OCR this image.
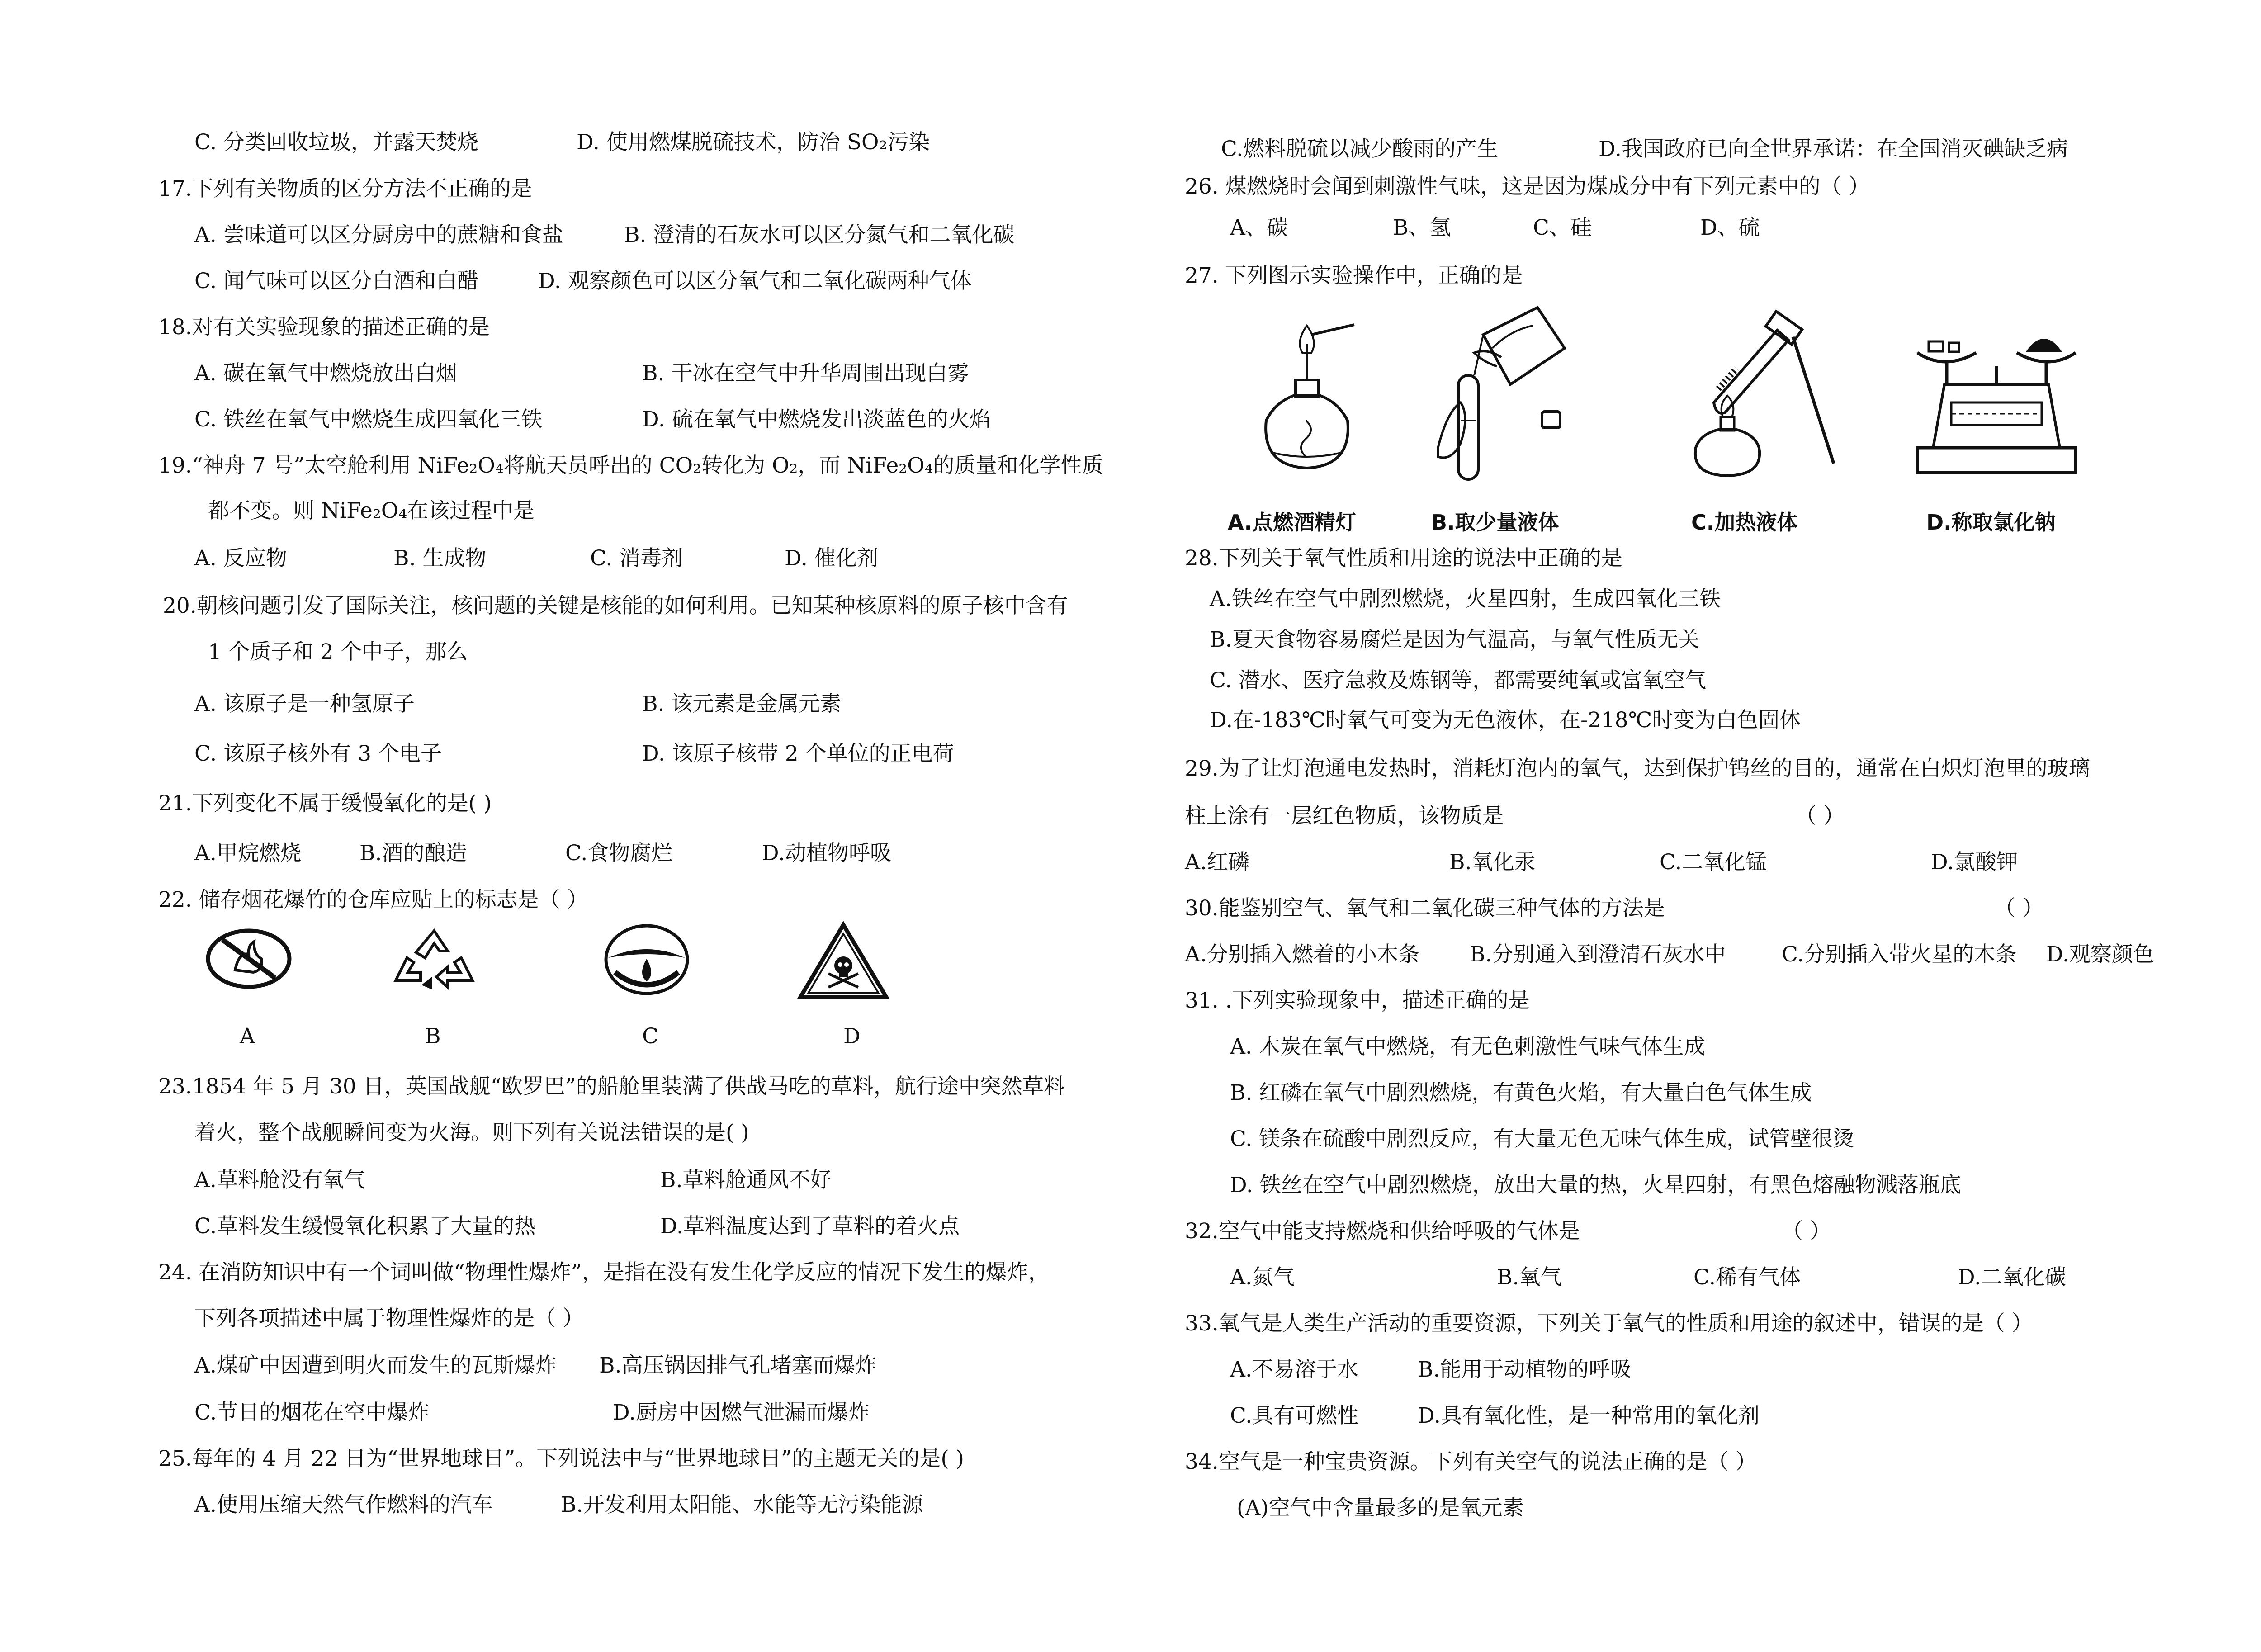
C. 分类回收垃圾，并露天焚烧	D. 使用燃煤脱硫技术，防治 SO₂污染
17.下列有关物质的区分方法不正确的是
A. 尝味道可以区分厨房中的蔗糖和食盐	B. 澄清的石灰水可以区分氮气和二氧化碳
C. 闻气味可以区分白酒和白醋	D. 观察颜色可以区分氧气和二氧化碳两种气体
18.对有关实验现象的描述正确的是
A. 碳在氧气中燃烧放出白烟	B. 干冰在空气中升华周围出现白雾
C. 铁丝在氧气中燃烧生成四氧化三铁	D. 硫在氧气中燃烧发出淡蓝色的火焰
19.“神舟 7 号”太空舱利用 NiFe₂O₄将航天员呼出的 CO₂转化为 O₂，而 NiFe₂O₄的质量和化学性质
都不变。则 NiFe₂O₄在该过程中是
A. 反应物	B. 生成物	C. 消毒剂	D. 催化剂
20.朝核问题引发了国际关注，核问题的关键是核能的如何利用。已知某种核原料的原子核中含有
1 个质子和 2 个中子，那么
A. 该原子是一种氢原子	B. 该元素是金属元素
C. 该原子核外有 3 个电子	D. 该原子核带 2 个单位的正电荷
21.下列变化不属于缓慢氧化的是( )
A.甲烷燃烧	B.酒的酿造	C.食物腐烂	D.动植物呼吸
22. 储存烟花爆竹的仓库应贴上的标志是（ ）
A	B	C	D
23.1854 年 5 月 30 日，英国战舰“欧罗巴”的船舱里装满了供战马吃的草料，航行途中突然草料
着火，整个战舰瞬间变为火海。则下列有关说法错误的是( )
A.草料舱没有氧气	B.草料舱通风不好
C.草料发生缓慢氧化积累了大量的热	D.草料温度达到了草料的着火点
24. 在消防知识中有一个词叫做“物理性爆炸”，是指在没有发生化学反应的情况下发生的爆炸，
下列各项描述中属于物理性爆炸的是（ ）
A.煤矿中因遭到明火而发生的瓦斯爆炸 B.高压锅因排气孔堵塞而爆炸
C.节日的烟花在空中爆炸	D.厨房中因燃气泄漏而爆炸
25.每年的 4 月 22 日为“世界地球日”。下列说法中与“世界地球日”的主题无关的是( )
A.使用压缩天然气作燃料的汽车	B.开发利用太阳能、水能等无污染能源
C.燃料脱硫以减少酸雨的产生	D.我国政府已向全世界承诺：在全国消灭碘缺乏病
26. 煤燃烧时会闻到刺激性气味，这是因为煤成分中有下列元素中的（ ）
A、碳	B、氢	C、硅	D、硫
27. 下列图示实验操作中，正确的是
A.点燃酒精灯	B.取少量液体	C.加热液体	D.称取氯化钠
28.下列关于氧气性质和用途的说法中正确的是
A.铁丝在空气中剧烈燃烧，火星四射，生成四氧化三铁
B.夏天食物容易腐烂是因为气温高，与氧气性质无关
C. 潜水、医疗急救及炼钢等，都需要纯氧或富氧空气
D.在-183℃时氧气可变为无色液体，在-218℃时变为白色固体
29.为了让灯泡通电发热时，消耗灯泡内的氧气，达到保护钨丝的目的，通常在白炽灯泡里的玻璃
柱上涂有一层红色物质，该物质是	（ ）
A.红磷	B.氧化汞	C.二氧化锰	D.氯酸钾
30.能鉴别空气、氧气和二氧化碳三种气体的方法是	（ ）
A.分别插入燃着的小木条 B.分别通入到澄清石灰水中	C.分别插入带火星的木条 D.观察颜色
31. .下列实验现象中，描述正确的是
A. 木炭在氧气中燃烧，有无色刺激性气味气体生成
B. 红磷在氧气中剧烈燃烧，有黄色火焰，有大量白色气体生成
C. 镁条在硫酸中剧烈反应，有大量无色无味气体生成，试管壁很烫
D. 铁丝在空气中剧烈燃烧，放出大量的热，火星四射，有黑色熔融物溅落瓶底
32.空气中能支持燃烧和供给呼吸的气体是	（ ）
A.氮气	B.氧气	C.稀有气体	D.二氧化碳
33.氧气是人类生产活动的重要资源，下列关于氧气的性质和用途的叙述中，错误的是（ ）
A.不易溶于水	B.能用于动植物的呼吸
C.具有可燃性	D.具有氧化性，是一种常用的氧化剂
34.空气是一种宝贵资源。下列有关空气的说法正确的是（ ）
(A)空气中含量最多的是氧元素
